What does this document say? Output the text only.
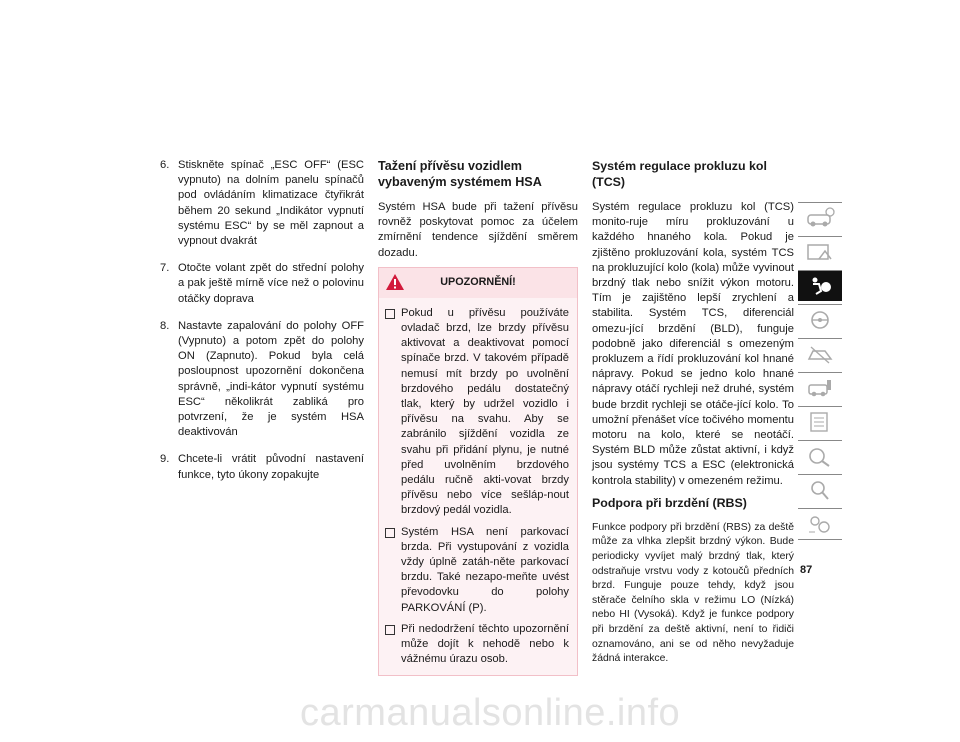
6. Stiskněte spínač „ESC OFF“ (ESC vypnuto) na dolním panelu spínačů pod ovládáním klimatizace čtyřikrát během 20 sekund „Indikátor vypnutí systému ESC“ by se měl zapnout a vypnout dvakrát
7. Otočte volant zpět do střední polohy a pak ještě mírně více než o polovinu otáčky doprava
8. Nastavte zapalování do polohy OFF (Vypnuto) a potom zpět do polohy ON (Zapnuto). Pokud byla celá posloupnost upozornění dokončena správně, „indi-kátor vypnutí systému ESC“ několikrát zabliká pro potvrzení, že je systém HSA deaktivován
9. Chcete-li vrátit původní nastavení funkce, tyto úkony zopakujte
Tažení přívěsu vozidlem vybaveným systémem HSA

Systém HSA bude při tažení přívěsu rovněž poskytovat pomoc za účelem zmírnění tendence sjíždění směrem dozadu.

UPOZORNĚNÍ!
Pokud u přívěsu používáte ovladač brzd, lze brzdy přívěsu aktivovat a deaktivovat pomocí spínače brzd. V takovém případě nemusí mít brzdy po uvolnění brzdového pedálu dostatečný tlak, který by udržel vozidlo i přívěsu na svahu. Aby se zabránilo sjíždění vozidla ze svahu při přidání plynu, je nutné před uvolněním brzdového pedálu ručně akti-vovat brzdy přívěsu nebo více sešláp-nout brzdový pedál vozidla.
Systém HSA není parkovací brzda. Při vystupování z vozidla vždy úplně zatáh-něte parkovací brzdu. Také nezapo-meňte uvést převodovku do polohy PARKOVÁNÍ (P).
Při nedodržení těchto upozornění může dojít k nehodě nebo k vážnému úrazu osob.
Systém regulace prokluzu kol (TCS)

Systém regulace prokluzu kol (TCS) monito-ruje míru prokluzování u každého hnaného kola. Pokud je zjištěno prokluzování kola, systém TCS na prokluzující kolo (kola) může vyvinout brzdný tlak nebo snížit výkon motoru. Tím je zajištěno lepší zrychlení a stabilita. Systém TCS, diferenciál omezu-jící brzdění (BLD), funguje podobně jako diferenciál s omezeným prokluzem a řídí prokluzování kol hnané nápravy. Pokud se jedno kolo hnané nápravy otáčí rychleji než druhé, systém bude brzdit rychleji se otáče-jící kolo. To umožní přenášet více točivého momentu motoru na kolo, které se neotáčí. Systém BLD může zůstat aktivní, i když jsou systémy TCS a ESC (elektronická kontrola stability) v omezeném režimu.

Podpora při brzdění (RBS)

Funkce podpory při brzdění (RBS) za deště může za vlhka zlepšit brzdný výkon. Bude periodicky vyvíjet malý brzdný tlak, který odstraňuje vrstvu vody z kotoučů předních brzd. Funguje pouze tehdy, když jsou stěrače čelního skla v režimu LO (Nízká) nebo HI (Vysoká). Když je funkce podpory při brzdění za deště aktivní, není to řidiči oznamováno, ani se od něho nevyžaduje žádná interakce.

87
carmanualsonline.info
